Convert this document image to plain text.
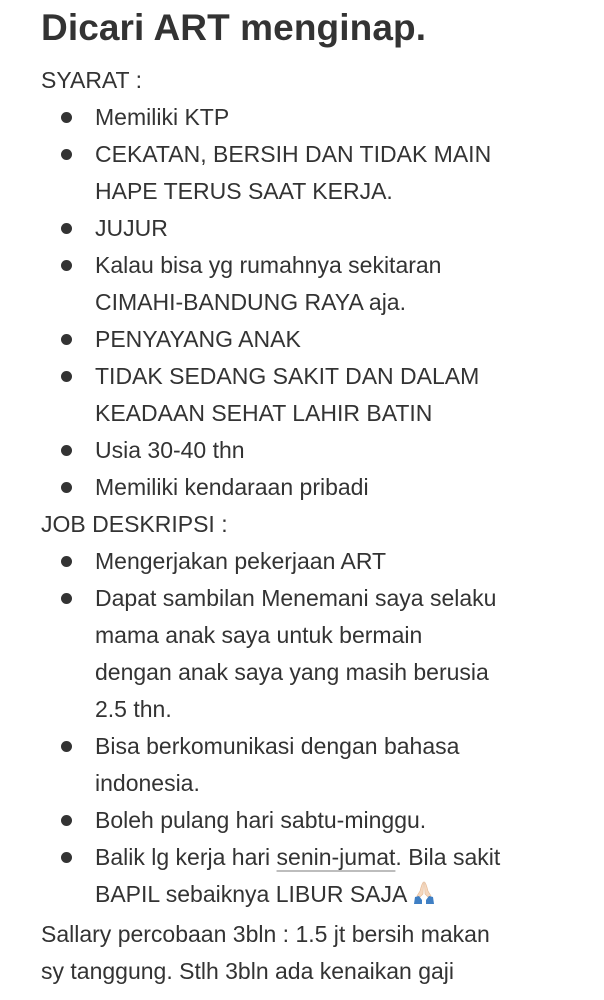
Dicari ART menginap.
SYARAT :
Memiliki KTP
CEKATAN, BERSIH DAN TIDAK MAIN
HAPE TERUS SAAT KERJA.
JUJUR
Kalau bisa yg rumahnya sekitaran
CIMAHI-BANDUNG RAYA aja.
PENYAYANG ANAK
TIDAK SEDANG SAKIT DAN DALAM
KEADAAN SEHAT LAHIR BATIN
Usia 30-40 thn
Memiliki kendaraan pribadi
JOB DESKRIPSI :
Mengerjakan pekerjaan ART
Dapat sambilan Menemani saya selaku
mama anak saya untuk bermain
dengan anak saya yang masih berusia
2.5 thn.
Bisa berkomunikasi dengan bahasa
indonesia.
Boleh pulang hari sabtu-minggu.
Balik lg kerja hari senin-jumat. Bila sakit
BAPIL sebaiknya LIBUR SAJA
Sallary percobaan 3bln : 1.5 jt bersih makan
sy tanggung. Stlh 3bln ada kenaikan gaji
